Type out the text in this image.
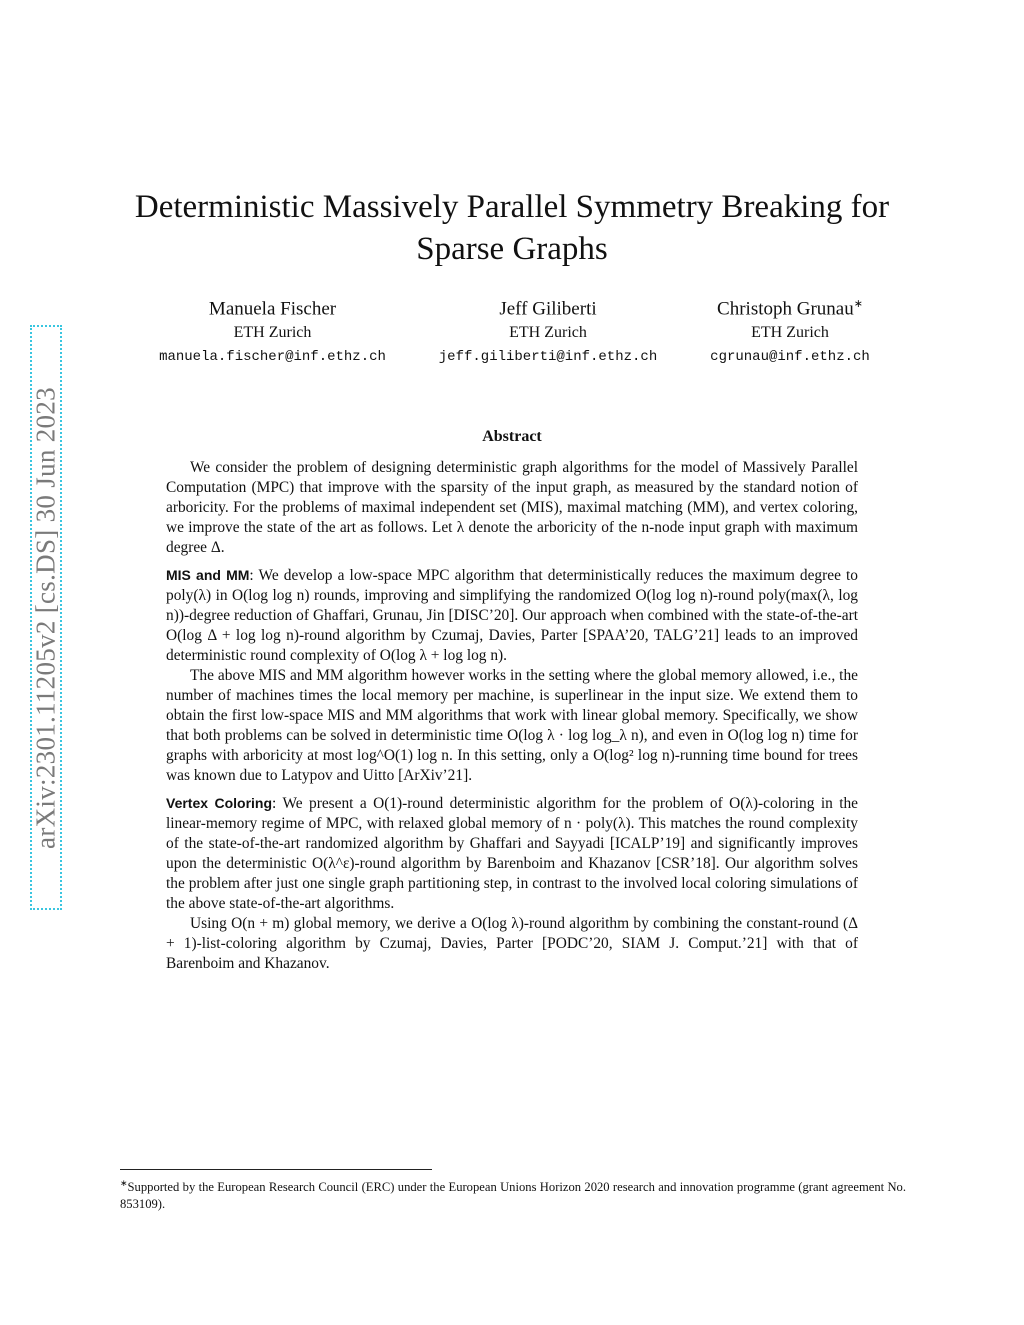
arXiv:2301.11205v2 [cs.DS] 30 Jun 2023
Deterministic Massively Parallel Symmetry Breaking for Sparse Graphs
Manuela Fischer
ETH Zurich
manuela.fischer@inf.ethz.ch
Jeff Giliberti
ETH Zurich
jeff.giliberti@inf.ethz.ch
Christoph Grunau∗
ETH Zurich
cgrunau@inf.ethz.ch
Abstract

We consider the problem of designing deterministic graph algorithms for the model of Massively Parallel Computation (MPC) that improve with the sparsity of the input graph, as measured by the standard notion of arboricity. For the problems of maximal independent set (MIS), maximal matching (MM), and vertex coloring, we improve the state of the art as follows. Let λ denote the arboricity of the n-node input graph with maximum degree Δ.

MIS and MM: We develop a low-space MPC algorithm that deterministically reduces the maximum degree to poly(λ) in O(log log n) rounds, improving and simplifying the randomized O(log log n)-round poly(max(λ, log n))-degree reduction of Ghaffari, Grunau, Jin [DISC’20]. Our approach when combined with the state-of-the-art O(log Δ + log log n)-round algorithm by Czumaj, Davies, Parter [SPAA’20, TALG’21] leads to an improved deterministic round complexity of O(log λ + log log n).

The above MIS and MM algorithm however works in the setting where the global memory allowed, i.e., the number of machines times the local memory per machine, is superlinear in the input size. We extend them to obtain the first low-space MIS and MM algorithms that work with linear global memory. Specifically, we show that both problems can be solved in deterministic time O(log λ · log log_λ n), and even in O(log log n) time for graphs with arboricity at most log^O(1) log n. In this setting, only a O(log² log n)-running time bound for trees was known due to Latypov and Uitto [ArXiv’21].

Vertex Coloring: We present a O(1)-round deterministic algorithm for the problem of O(λ)-coloring in the linear-memory regime of MPC, with relaxed global memory of n · poly(λ). This matches the round complexity of the state-of-the-art randomized algorithm by Ghaffari and Sayyadi [ICALP’19] and significantly improves upon the deterministic O(λ^ε)-round algorithm by Barenboim and Khazanov [CSR’18]. Our algorithm solves the problem after just one single graph partitioning step, in contrast to the involved local coloring simulations of the above state-of-the-art algorithms.

Using O(n + m) global memory, we derive a O(log λ)-round algorithm by combining the constant-round (Δ + 1)-list-coloring algorithm by Czumaj, Davies, Parter [PODC’20, SIAM J. Comput.’21] with that of Barenboim and Khazanov.

∗Supported by the European Research Council (ERC) under the European Unions Horizon 2020 research and innovation programme (grant agreement No. 853109).
